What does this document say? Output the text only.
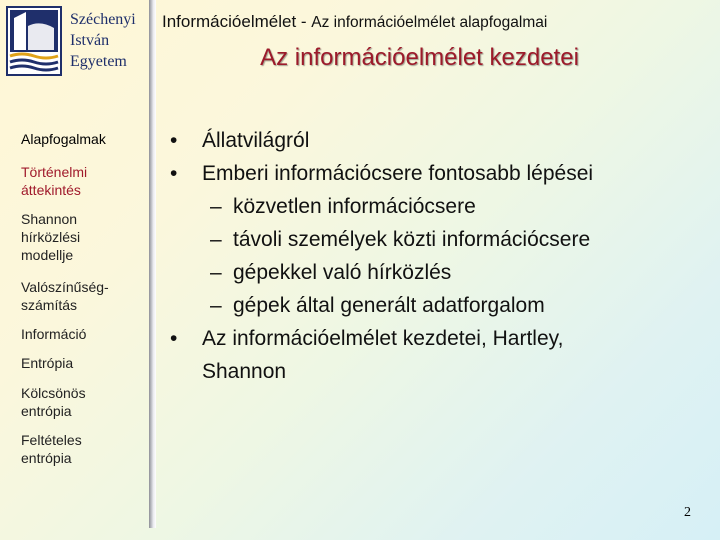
Széchenyi
István
Egyetem
Információelmélet - Az információelmélet alapfogalmai
Az információelmélet kezdetei
Alapfogalmak
Történelmi áttekintés
Shannon hírközlési modellje
Valószínűség-számítás
Információ
Entrópia
Kölcsönös entrópia
Feltételes entrópia
• Állatvilágról
• Emberi információcsere fontosabb lépései
– közvetlen információcsere
– távoli személyek közti információcsere
– gépekkel való hírközlés
– gépek által generált adatforgalom
• Az információelmélet kezdetei, Hartley, Shannon
2
